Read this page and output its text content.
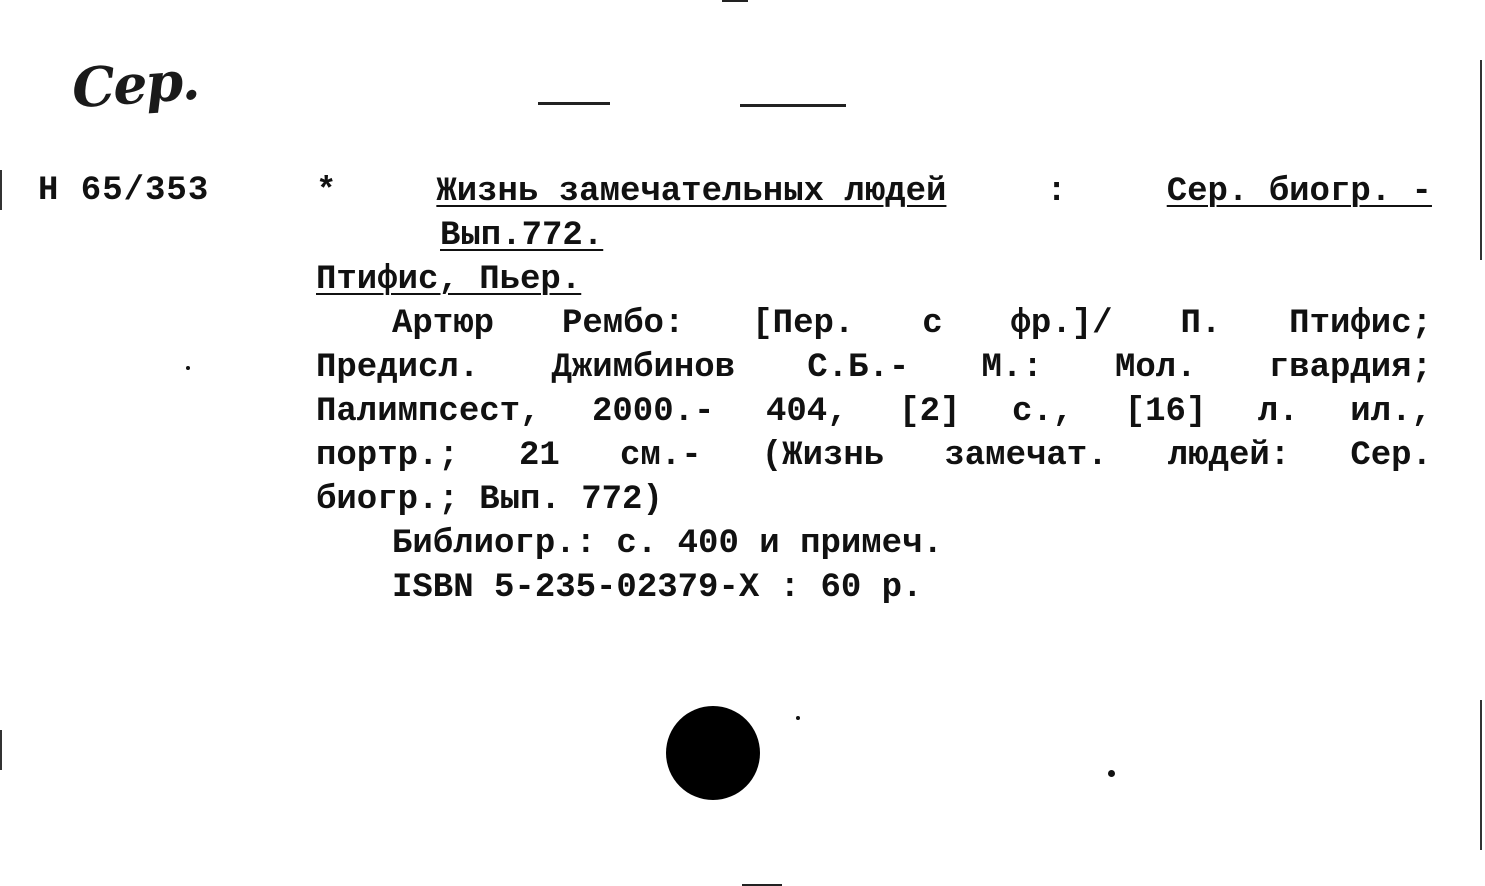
Сер.
Н 65/353	*	Жизнь замечательных людей	:	Сер. биогр. -
Вып.772.
Птифис, Пьер.
Артюр Рембо: [Пер. с фр.]/ П. Птифис;
Предисл. Джимбинов С.Б.- М.: Мол. гвардия;
Палимпсест, 2000.- 404, [2] с., [16] л. ил.,
портр.; 21 см.- (Жизнь замечат. людей: Сер.
биогр.; Вып. 772)
Библиогр.: с. 400 и примеч.
ISBN 5-235-02379-X : 60 р.
